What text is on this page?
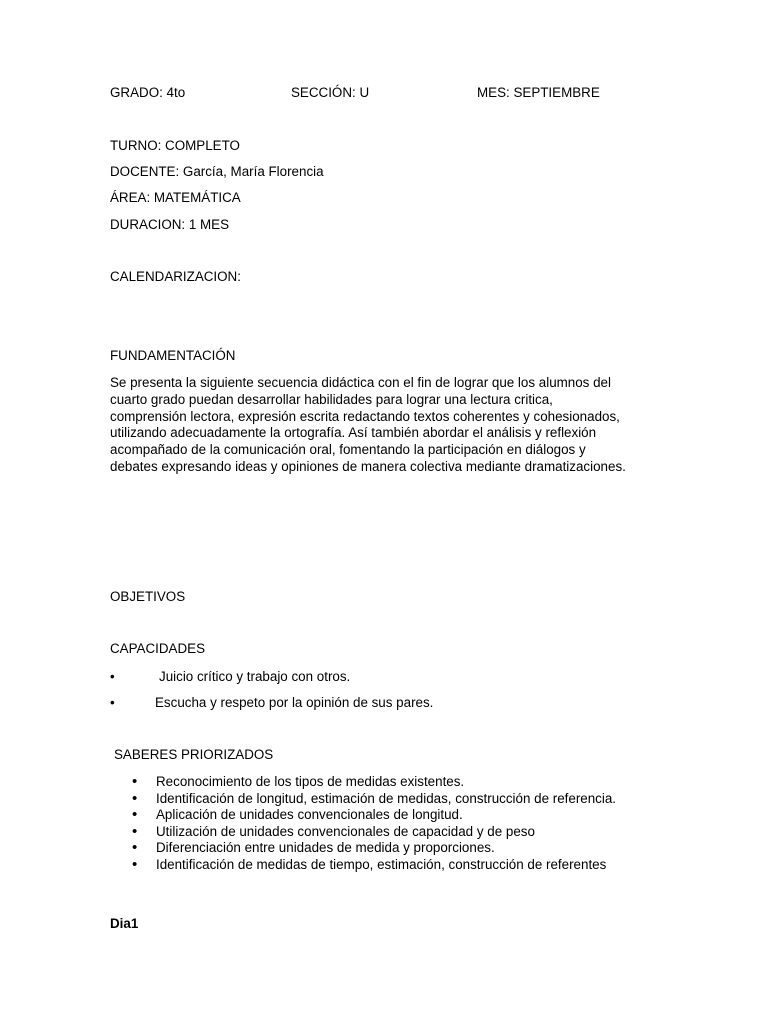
GRADO: 4to	SECCIÓN: U	MES: SEPTIEMBRE
TURNO: COMPLETO
DOCENTE: García, María Florencia
ÁREA: MATEMÁTICA
DURACION: 1 MES
CALENDARIZACION:
FUNDAMENTACIÓN
Se presenta la siguiente secuencia didáctica con el fin de lograr que los alumnos del
cuarto grado puedan desarrollar habilidades para lograr una lectura critica,
comprensión lectora, expresión escrita redactando textos coherentes y cohesionados,
utilizando adecuadamente la ortografía. Así también abordar el análisis y reflexión
acompañado de la comunicación oral, fomentando la participación en diálogos y
debates expresando ideas y opiniones de manera colectiva mediante dramatizaciones.
OBJETIVOS
CAPACIDADES
•	Juicio crítico y trabajo con otros.
•	Escucha y respeto por la opinión de sus pares.
SABERES PRIORIZADOS
• Reconocimiento de los tipos de medidas existentes.
• Identificación de longitud, estimación de medidas, construcción de referencia.
• Aplicación de unidades convencionales de longitud.
• Utilización de unidades convencionales de capacidad y de peso
• Diferenciación entre unidades de medida y proporciones.
• Identificación de medidas de tiempo, estimación, construcción de referentes
Dia1
